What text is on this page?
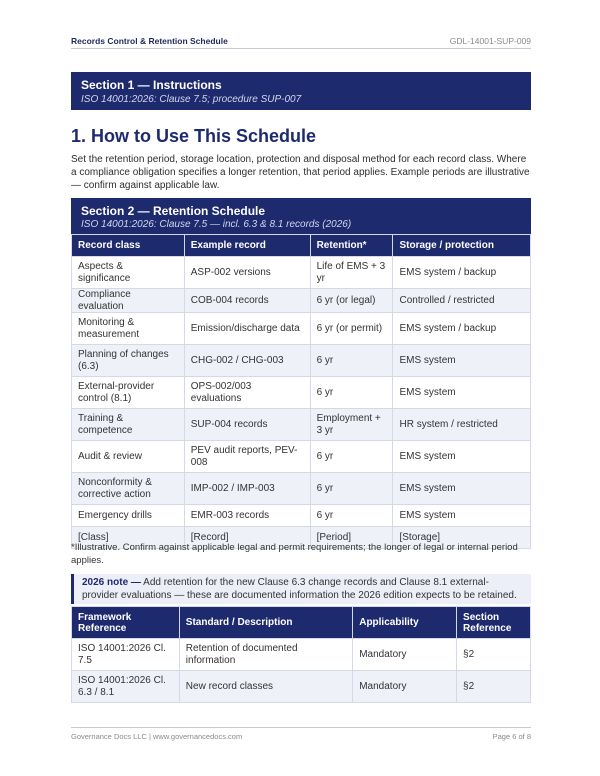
Records Control & Retention Schedule	GDL-14001-SUP-009
Section 1 — Instructions
ISO 14001:2026: Clause 7.5; procedure SUP-007
1. How to Use This Schedule
Set the retention period, storage location, protection and disposal method for each record class. Where a compliance obligation specifies a longer retention, that period applies. Example periods are illustrative — confirm against applicable law.
Section 2 — Retention Schedule
ISO 14001:2026: Clause 7.5 — incl. 6.3 & 8.1 records (2026)
Record class	Example record	Retention*	Storage / protection
Aspects & significance	ASP-002 versions	Life of EMS + 3 yr	EMS system / backup
Compliance evaluation	COB-004 records	6 yr (or legal)	Controlled / restricted
Monitoring & measurement	Emission/discharge data	6 yr (or permit)	EMS system / backup
Planning of changes (6.3)	CHG-002 / CHG-003	6 yr	EMS system
External-provider control (8.1)	OPS-002/003 evaluations	6 yr	EMS system
Training & competence	SUP-004 records	Employment + 3 yr	HR system / restricted
Audit & review	PEV audit reports, PEV-008	6 yr	EMS system
Nonconformity & corrective action	IMP-002 / IMP-003	6 yr	EMS system
Emergency drills	EMR-003 records	6 yr	EMS system
[Class]	[Record]	[Period]	[Storage]
*Illustrative. Confirm against applicable legal and permit requirements; the longer of legal or internal period applies.
2026 note — Add retention for the new Clause 6.3 change records and Clause 8.1 external-provider evaluations — these are documented information the 2026 edition expects to be retained.
Framework Reference	Standard / Description	Applicability	Section Reference
ISO 14001:2026 Cl. 7.5	Retention of documented information	Mandatory	§2
ISO 14001:2026 Cl. 6.3 / 8.1	New record classes	Mandatory	§2
Governance Docs LLC | www.governancedocs.com	Page 6 of 8
